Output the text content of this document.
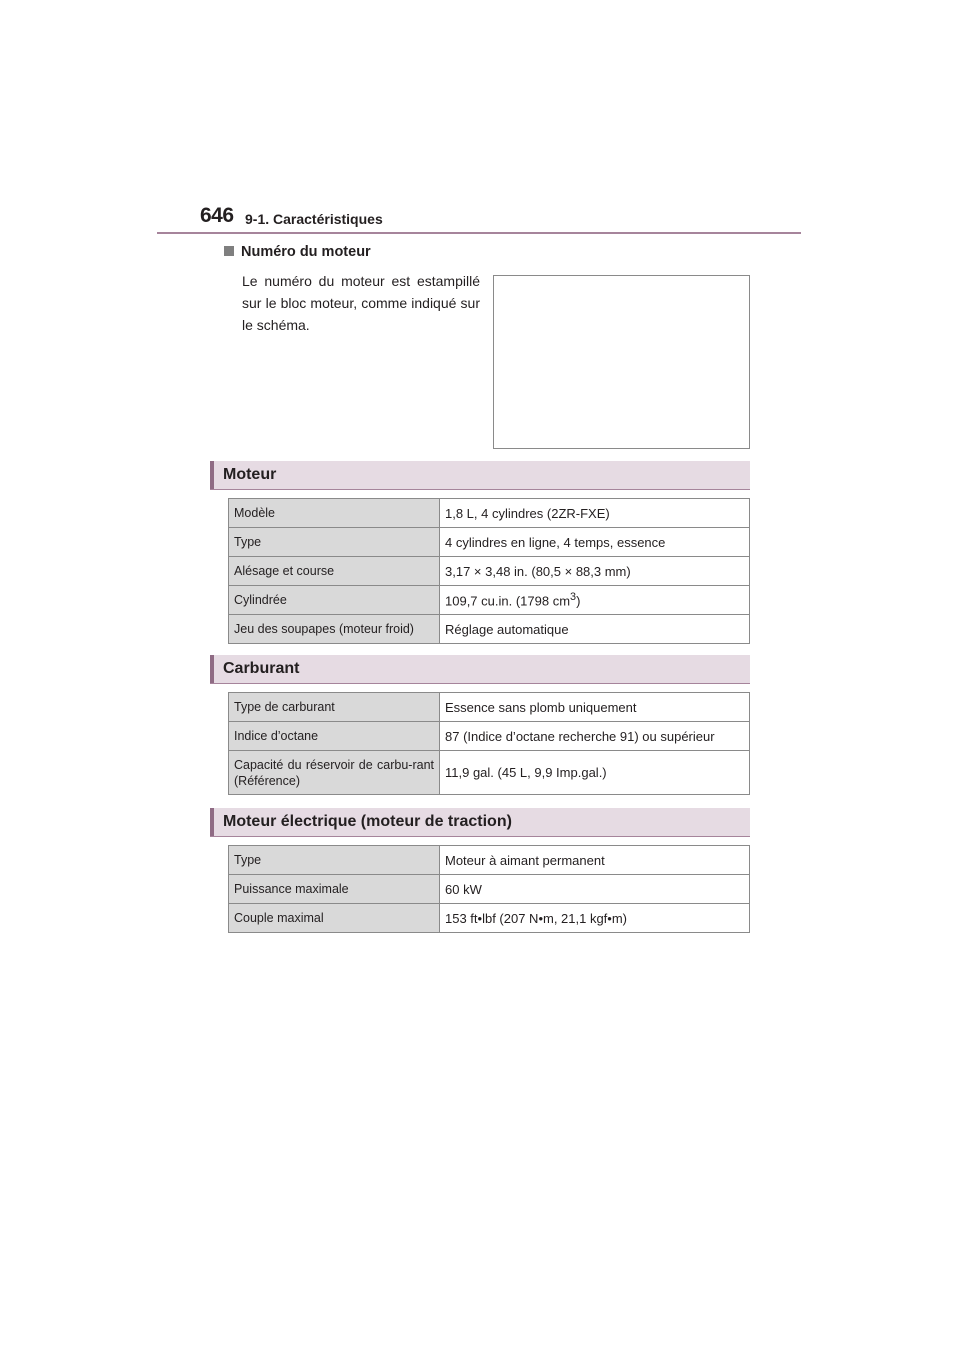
646 9-1. Caractéristiques
Numéro du moteur
Le numéro du moteur est estampillé sur le bloc moteur, comme indiqué sur le schéma.
Moteur
Modèle	1,8 L, 4 cylindres (2ZR-FXE)
Type	4 cylindres en ligne, 4 temps, essence
Alésage et course	3,17 × 3,48 in. (80,5 × 88,3 mm)
Cylindrée	109,7 cu.in. (1798 $cm^3$)
Jeu des soupapes (moteur froid)	Réglage automatique
Carburant
Type de carburant	Essence sans plomb uniquement
Indice d’octane	87 (Indice d’octane recherche 91) ou supérieur

Capacité du réservoir de carbu-rant (Référence)	11,9 gal. (45 L, 9,9 Imp.gal.)
Moteur électrique (moteur de traction)
Type	Moteur à aimant permanent
Puissance maximale	60 kW
Couple maximal	153 ft•lbf (207 N•m, 21,1 kgf•m)
